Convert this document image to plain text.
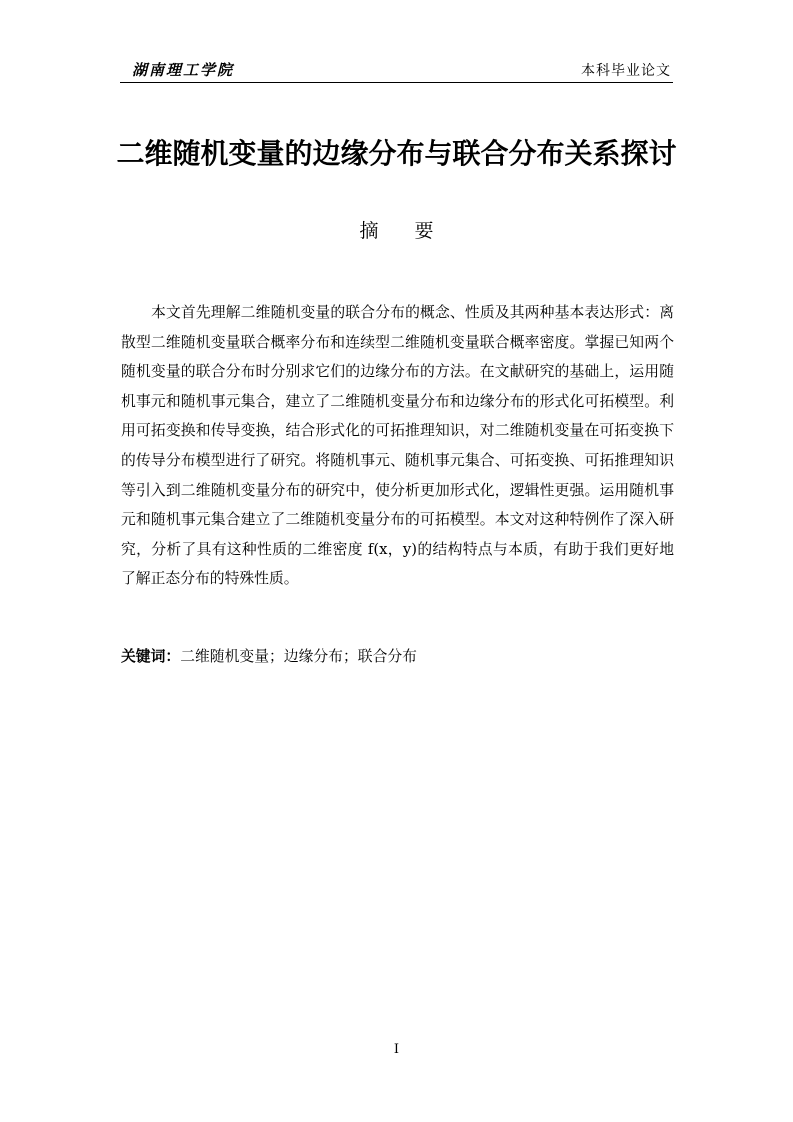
湖南理工学院	本科毕业论文
二维随机变量的边缘分布与联合分布关系探讨
摘 要

本文首先理解二维随机变量的联合分布的概念、性质及其两种基本表达形式：离散型二维随机变量联合概率分布和连续型二维随机变量联合概率密度。掌握已知两个随机变量的联合分布时分别求它们的边缘分布的方法。在文献研究的基础上，运用随机事元和随机事元集合，建立了二维随机变量分布和边缘分布的形式化可拓模型。利用可拓变换和传导变换，结合形式化的可拓推理知识，对二维随机变量在可拓变换下的传导分布模型进行了研究。将随机事元、随机事元集合、可拓变换、可拓推理知识等引入到二维随机变量分布的研究中，使分析更加形式化，逻辑性更强。运用随机事元和随机事元集合建立了二维随机变量分布的可拓模型。本文对这种特例作了深入研究，分析了具有这种性质的二维密度 f(x，y)的结构特点与本质，有助于我们更好地了解正态分布的特殊性质。

关键词：二维随机变量；边缘分布；联合分布
I
